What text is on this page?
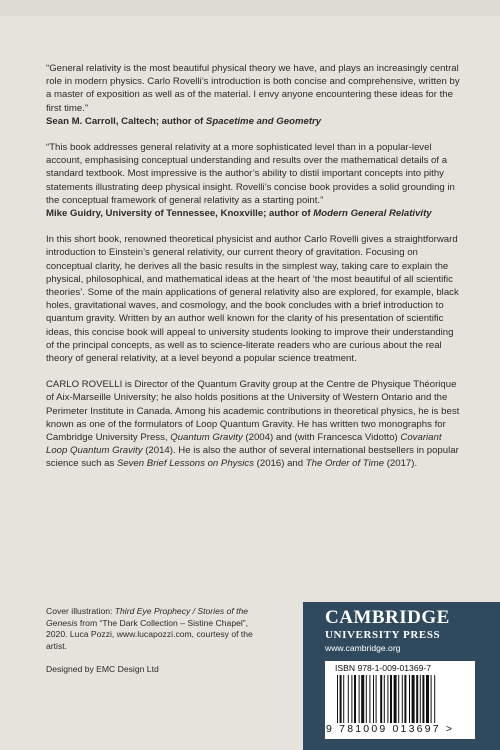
“General relativity is the most beautiful physical theory we have, and plays an increasingly central role in modern physics. Carlo Rovelli’s introduction is both concise and comprehensive, written by a master of exposition as well as of the material. I envy anyone encountering these ideas for the first time.”

Sean M. Carroll, Caltech; author of Spacetime and Geometry

“This book addresses general relativity at a more sophisticated level than in a popular-level account, emphasising conceptual understanding and results over the mathematical details of a standard textbook. Most impressive is the author’s ability to distil important concepts into pithy statements illustrating deep physical insight. Rovelli’s concise book provides a solid grounding in the conceptual framework of general relativity as a starting point.”

Mike Guidry, University of Tennessee, Knoxville; author of Modern General Relativity

In this short book, renowned theoretical physicist and author Carlo Rovelli gives a straightforward introduction to Einstein’s general relativity, our current theory of gravitation. Focusing on conceptual clarity, he derives all the basic results in the simplest way, taking care to explain the physical, philosophical, and mathematical ideas at the heart of ‘the most beautiful of all scientific theories’. Some of the main applications of general relativity also are explored, for example, black holes, gravitational waves, and cosmology, and the book concludes with a brief introduction to quantum gravity. Written by an author well known for the clarity of his presentation of scientific ideas, this concise book will appeal to university students looking to improve their understanding of the principal concepts, as well as to science-literate readers who are curious about the real theory of general relativity, at a level beyond a popular science treatment.

CARLO ROVELLI is Director of the Quantum Gravity group at the Centre de Physique Théorique of Aix-Marseille University; he also holds positions at the University of Western Ontario and the Perimeter Institute in Canada. Among his academic contributions in theoretical physics, he is best known as one of the formulators of Loop Quantum Gravity. He has written two monographs for Cambridge University Press, Quantum Gravity (2004) and (with Francesca Vidotto) Covariant Loop Quantum Gravity (2014). He is also the author of several international bestsellers in popular science such as Seven Brief Lessons on Physics (2016) and The Order of Time (2017).

Cover illustration: Third Eye Prophecy / Stories of the Genesis from “The Dark Collection – Sistine Chapel”, 2020. Luca Pozzi, www.lucapozzi.com, courtesy of the artist.
Designed by EMC Design Ltd
CAMBRIDGE
UNIVERSITY PRESS
www.cambridge.org
ISBN 978-1-009-01369-7
9 781009 013697 >
